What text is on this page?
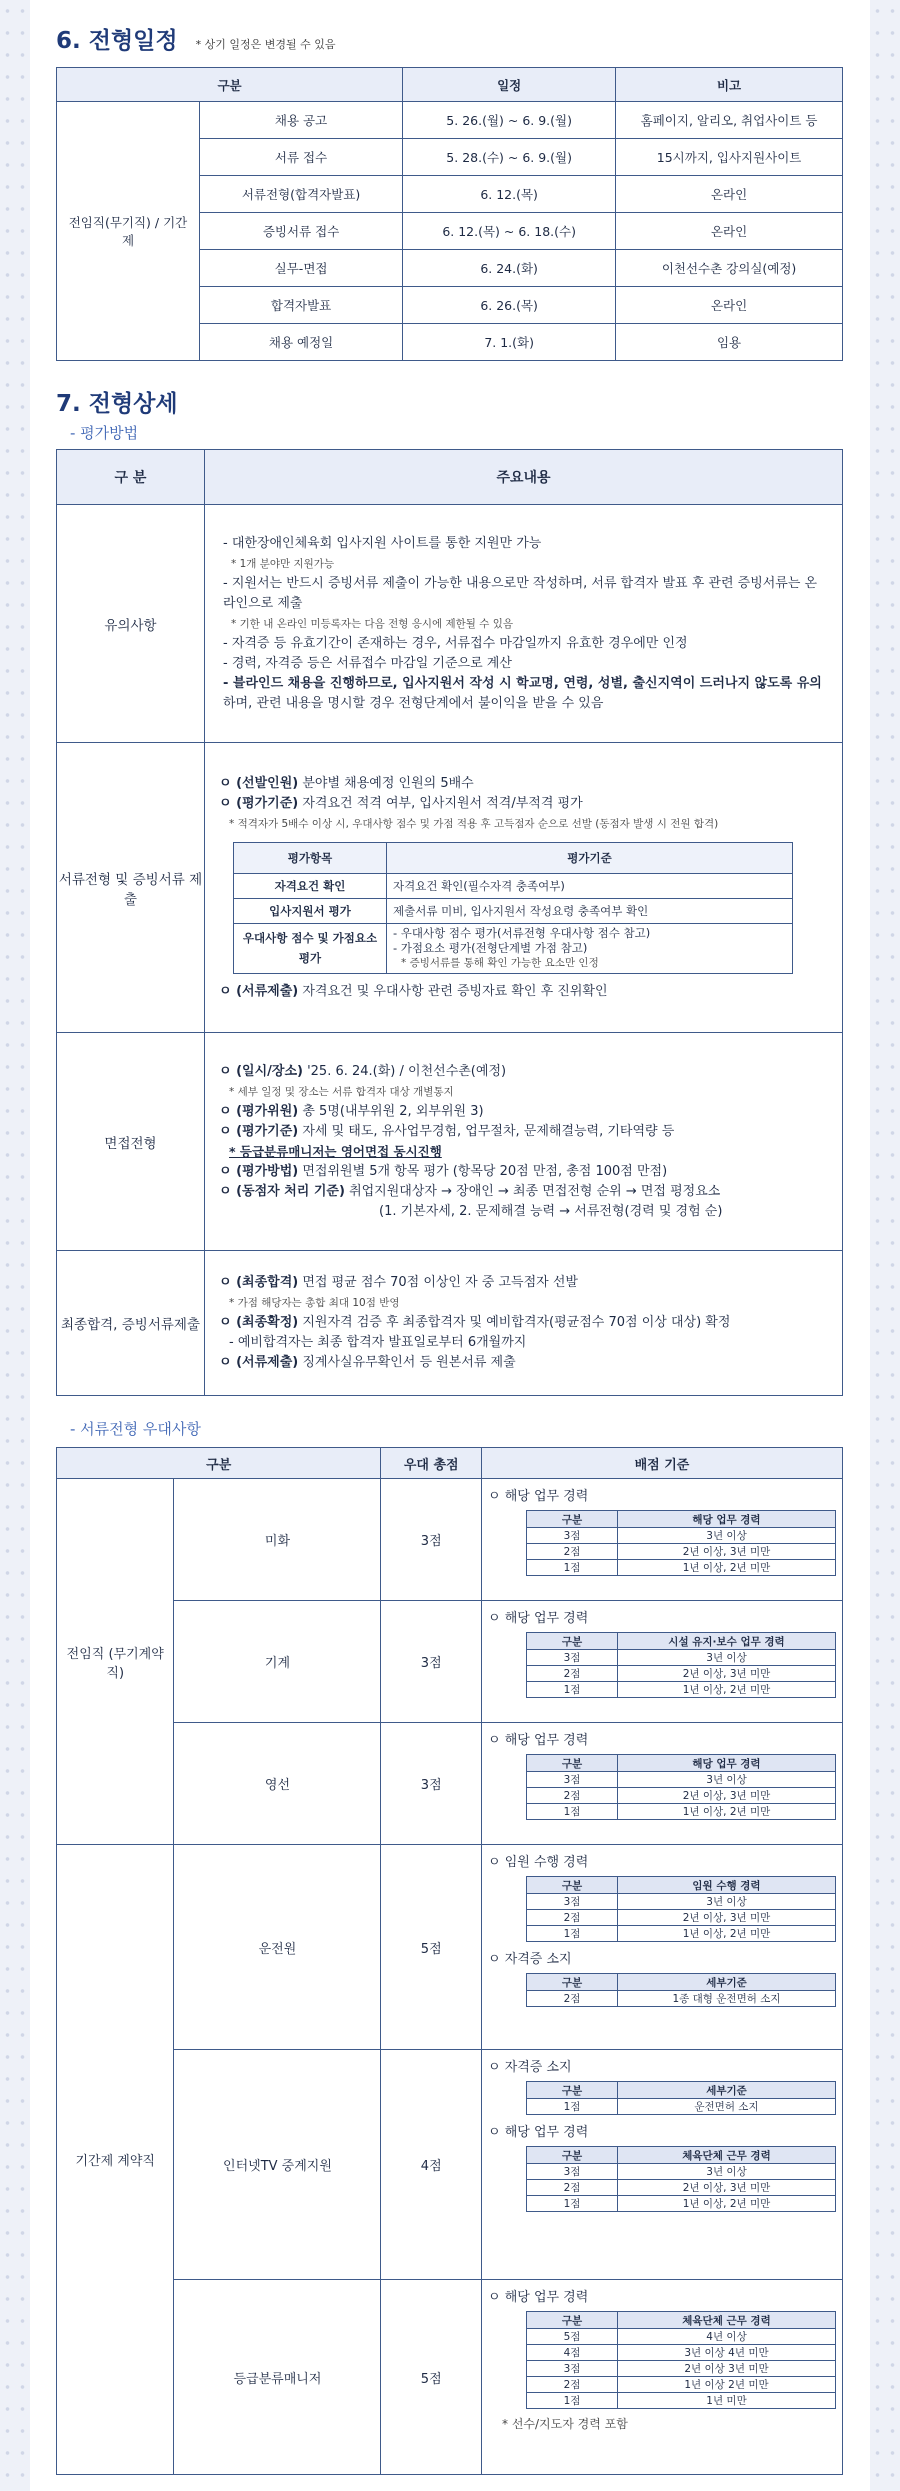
6. 전형일정 * 상기 일정은 변경될 수 있음
구분		일정	비고
전임직(무기직) / 기간제	채용 공고	5. 26.(월) ~ 6. 9.(월)	홈페이지, 알리오, 취업사이트 등
	서류 접수	5. 28.(수) ~ 6. 9.(월)	15시까지, 입사지원사이트
	서류전형(합격자발표)	6. 12.(목)	온라인
	증빙서류 접수	6. 12.(목) ~ 6. 18.(수)	온라인
	실무-면접	6. 24.(화)	이천선수촌 강의실(예정)
	합격자발표	6. 26.(목)	온라인
	채용 예정일	7. 1.(화)	임용
7. 전형상세
- 평가방법
구 분	주요내용
유의사항	
- 대한장애인체육회 입사지원 사이트를 통한 지원만 가능
* 1개 분야만 지원가능
- 지원서는 반드시 증빙서류 제출이 가능한 내용으로만 작성하며, 서류 합격자 발표 후 관련 증빙서류는 온라인으로 제출
* 기한 내 온라인 미등록자는 다음 전형 응시에 제한될 수 있음
- 자격증 등 유효기간이 존재하는 경우, 서류접수 마감일까지 유효한 경우에만 인정
- 경력, 자격증 등은 서류접수 마감일 기준으로 계산
- 블라인드 채용을 진행하므로, 입사지원서 작성 시 학교명, 연령, 성별, 출신지역이 드러나지 않도록 유의하며, 관련 내용을 명시할 경우 전형단계에서 불이익을 받을 수 있음

서류전형 및 증빙서류 제출	
ㅇ (선발인원) 분야별 채용예정 인원의 5배수
ㅇ (평가기준) 자격요건 적격 여부, 입사지원서 적격/부적격 평가
* 적격자가 5배수 이상 시, 우대사항 점수 및 가점 적용 후 고득점자 순으로 선발 (동점자 발생 시 전원 합격)
평가항목	평가기준
자격요건 확인	자격요건 확인(필수자격 충족여부)
입사지원서 평가	제출서류 미비, 입사지원서 작성요령 충족여부 확인
우대사항 점수 및 가점요소평가	
- 우대사항 점수 평가(서류전형 우대사항 점수 참고)
- 가점요소 평가(전형단계별 가점 참고)
* 증빙서류를 통해 확인 가능한 요소만 인정
ㅇ (서류제출) 자격요건 및 우대사항 관련 증빙자료 확인 후 진위확인

면접전형	
ㅇ (일시/장소) '25. 6. 24.(화) / 이천선수촌(예정)
* 세부 일정 및 장소는 서류 합격자 대상 개별통지
ㅇ (평가위원) 총 5명(내부위원 2, 외부위원 3)
ㅇ (평가기준) 자세 및 태도, 유사업무경험, 업무절차, 문제해결능력, 기타역량 등
* 등급분류매니저는 영어면접 동시진행
ㅇ (평가방법) 면접위원별 5개 항목 평가 (항목당 20점 만점, 총점 100점 만점)
ㅇ (동점자 처리 기준) 취업지원대상자 → 장애인 → 최종 면접전형 순위 → 면접 평정요소
(1. 기본자세, 2. 문제해결 능력 → 서류전형(경력 및 경험 순)

최종합격, 증빙서류제출	
ㅇ (최종합격) 면접 평균 점수 70점 이상인 자 중 고득점자 선발
* 가점 해당자는 총합 최대 10점 반영
ㅇ (최종확정) 지원자격 검증 후 최종합격자 및 예비합격자(평균점수 70점 이상 대상) 확정
- 예비합격자는 최종 합격자 발표일로부터 6개월까지
ㅇ (서류제출) 징계사실유무확인서 등 원본서류 제출
- 서류전형 우대사항
구분	우대 총점	배점 기준
전임직 (무기계약직)	미화	3점	
ㅇ 해당 업무 경력
구분	해당 업무 경력
3점	3년 이상
2점	2년 이상, 3년 미만
1점	1년 이상, 2년 미만

기계	3점	
ㅇ 해당 업무 경력
구분	시설 유지·보수 업무 경력
3점	3년 이상
2점	2년 이상, 3년 미만
1점	1년 이상, 2년 미만

영선	3점	
ㅇ 해당 업무 경력
구분	해당 업무 경력
3점	3년 이상
2점	2년 이상, 3년 미만
1점	1년 이상, 2년 미만

기간제 계약직	운전원	5점	
ㅇ 임원 수행 경력
구분	임원 수행 경력
3점	3년 이상
2점	2년 이상, 3년 미만
1점	1년 이상, 2년 미만
ㅇ 자격증 소지
구분	세부기준
2점	1종 대형 운전면허 소지

인터넷TV 중계지원	4점	
ㅇ 자격증 소지
구분	세부기준
1점	운전면허 소지
ㅇ 해당 업무 경력
구분	체육단체 근무 경력
3점	3년 이상
2점	2년 이상, 3년 미만
1점	1년 이상, 2년 미만

등급분류매니저	5점	
ㅇ 해당 업무 경력
구분	체육단체 근무 경력
5점	4년 이상
4점	3년 이상 4년 미만
3점	2년 이상 3년 미만
2점	1년 이상 2년 미만
1점	1년 미만
* 선수/지도자 경력 포함
